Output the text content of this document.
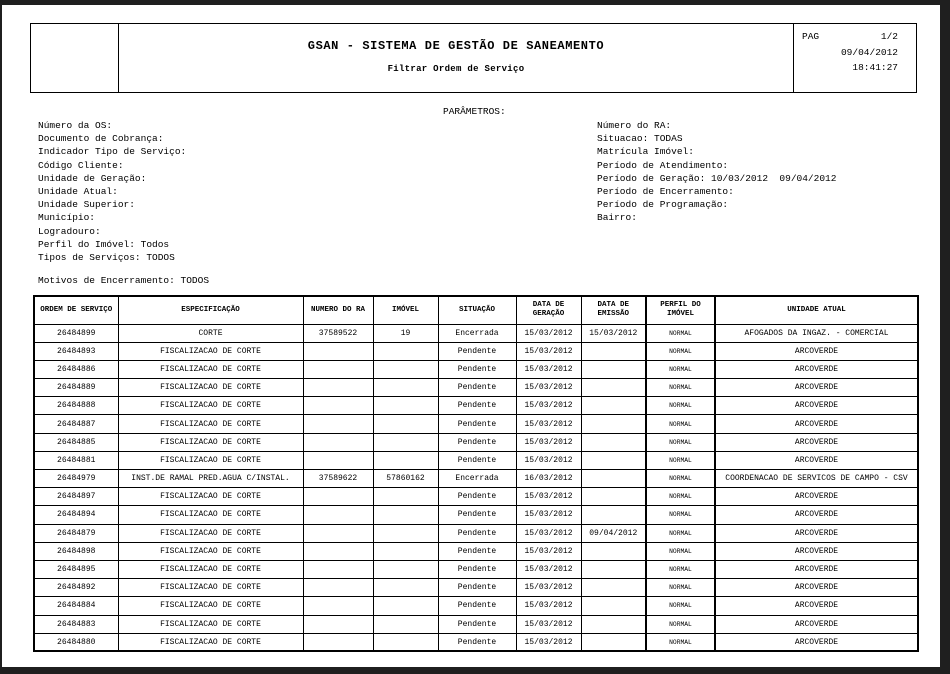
GSAN - SISTEMA DE GESTÃO DE SANEAMENTO
Filtrar Ordem de Serviço
PAG	1/2
09/04/2012
18:41:27
PARÂMETROS:
Número da OS:
Documento de Cobrança:
Indicador Tipo de Serviço:
Código Cliente:
Unidade de Geração:
Unidade Atual:
Unidade Superior:
Município:
Logradouro:
Perfil do Imóvel: Todos
Tipos de Serviços: TODOS
Número do RA:
Situacao: TODAS
Matrícula Imóvel:
Período de Atendimento:
Período de Geração: 10/03/2012  09/04/2012
Período de Encerramento:
Período de Programação:
Bairro:
Motivos de Encerramento: TODOS
ORDEM DE SERVIÇO	ESPECIFICAÇÃO	NUMERO DO RA	IMÓVEL	SITUAÇÃO	DATA DE GERAÇÃO	DATA DE EMISSÃO	PERFIL DO IMÓVEL	UNIDADE ATUAL
26484899	CORTE	37589522	19	Encerrada	15/03/2012	15/03/2012	NORMAL	AFOGADOS DA INGAZ. - COMERCIAL
26484893	FISCALIZACAO DE CORTE			Pendente	15/03/2012		NORMAL	ARCOVERDE
26484886	FISCALIZACAO DE CORTE			Pendente	15/03/2012		NORMAL	ARCOVERDE
26484889	FISCALIZACAO DE CORTE			Pendente	15/03/2012		NORMAL	ARCOVERDE
26484888	FISCALIZACAO DE CORTE			Pendente	15/03/2012		NORMAL	ARCOVERDE
26484887	FISCALIZACAO DE CORTE			Pendente	15/03/2012		NORMAL	ARCOVERDE
26484885	FISCALIZACAO DE CORTE			Pendente	15/03/2012		NORMAL	ARCOVERDE
26484881	FISCALIZACAO DE CORTE			Pendente	15/03/2012		NORMAL	ARCOVERDE
26484979	INST.DE RAMAL PRED.AGUA C/INSTAL.	37589622	57860162	Encerrada	16/03/2012		NORMAL	COORDENACAO DE SERVICOS DE CAMPO - CSV
26484897	FISCALIZACAO DE CORTE			Pendente	15/03/2012		NORMAL	ARCOVERDE
26484894	FISCALIZACAO DE CORTE			Pendente	15/03/2012		NORMAL	ARCOVERDE
26484879	FISCALIZACAO DE CORTE			Pendente	15/03/2012	09/04/2012	NORMAL	ARCOVERDE
26484898	FISCALIZACAO DE CORTE			Pendente	15/03/2012		NORMAL	ARCOVERDE
26484895	FISCALIZACAO DE CORTE			Pendente	15/03/2012		NORMAL	ARCOVERDE
26484892	FISCALIZACAO DE CORTE			Pendente	15/03/2012		NORMAL	ARCOVERDE
26484884	FISCALIZACAO DE CORTE			Pendente	15/03/2012		NORMAL	ARCOVERDE
26484883	FISCALIZACAO DE CORTE			Pendente	15/03/2012		NORMAL	ARCOVERDE
26484880	FISCALIZACAO DE CORTE			Pendente	15/03/2012		NORMAL	ARCOVERDE
